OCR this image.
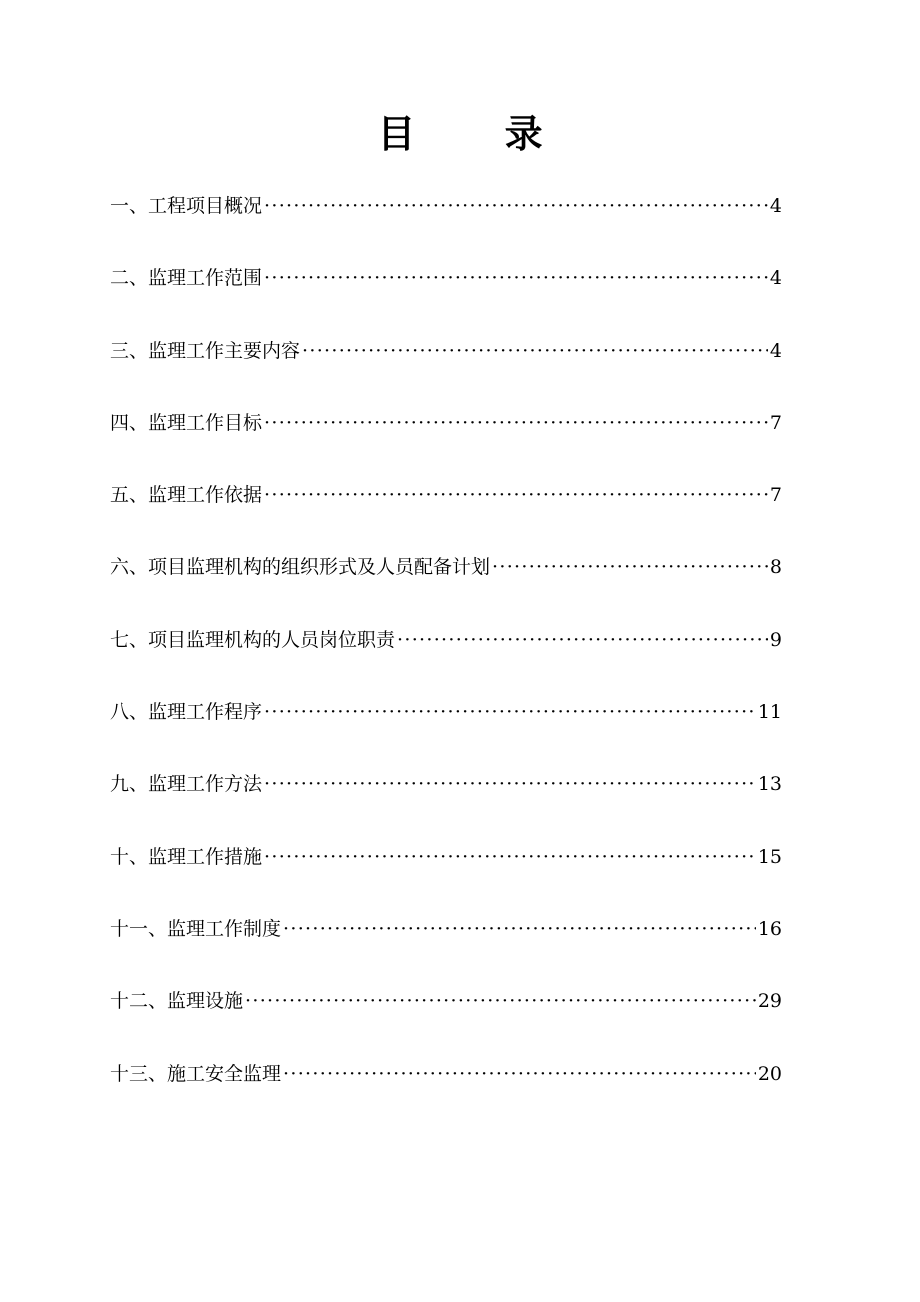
目 录
一、工程项目概况 ·····	4
二、监理工作范围 ·····	4
三、监理工作主要内容 ·····	4
四、监理工作目标 ·····	7
五、监理工作依据 ·····	7
六、项目监理机构的组织形式及人员配备计划 ·····	8
七、项目监理机构的人员岗位职责 ·····	9
八、监理工作程序 ·····	11
九、监理工作方法 ·····	13
十、监理工作措施 ·····	15
十一、监理工作制度 ·····	16
十二、监理设施 ·····	29
十三、施工安全监理 ·····	20
